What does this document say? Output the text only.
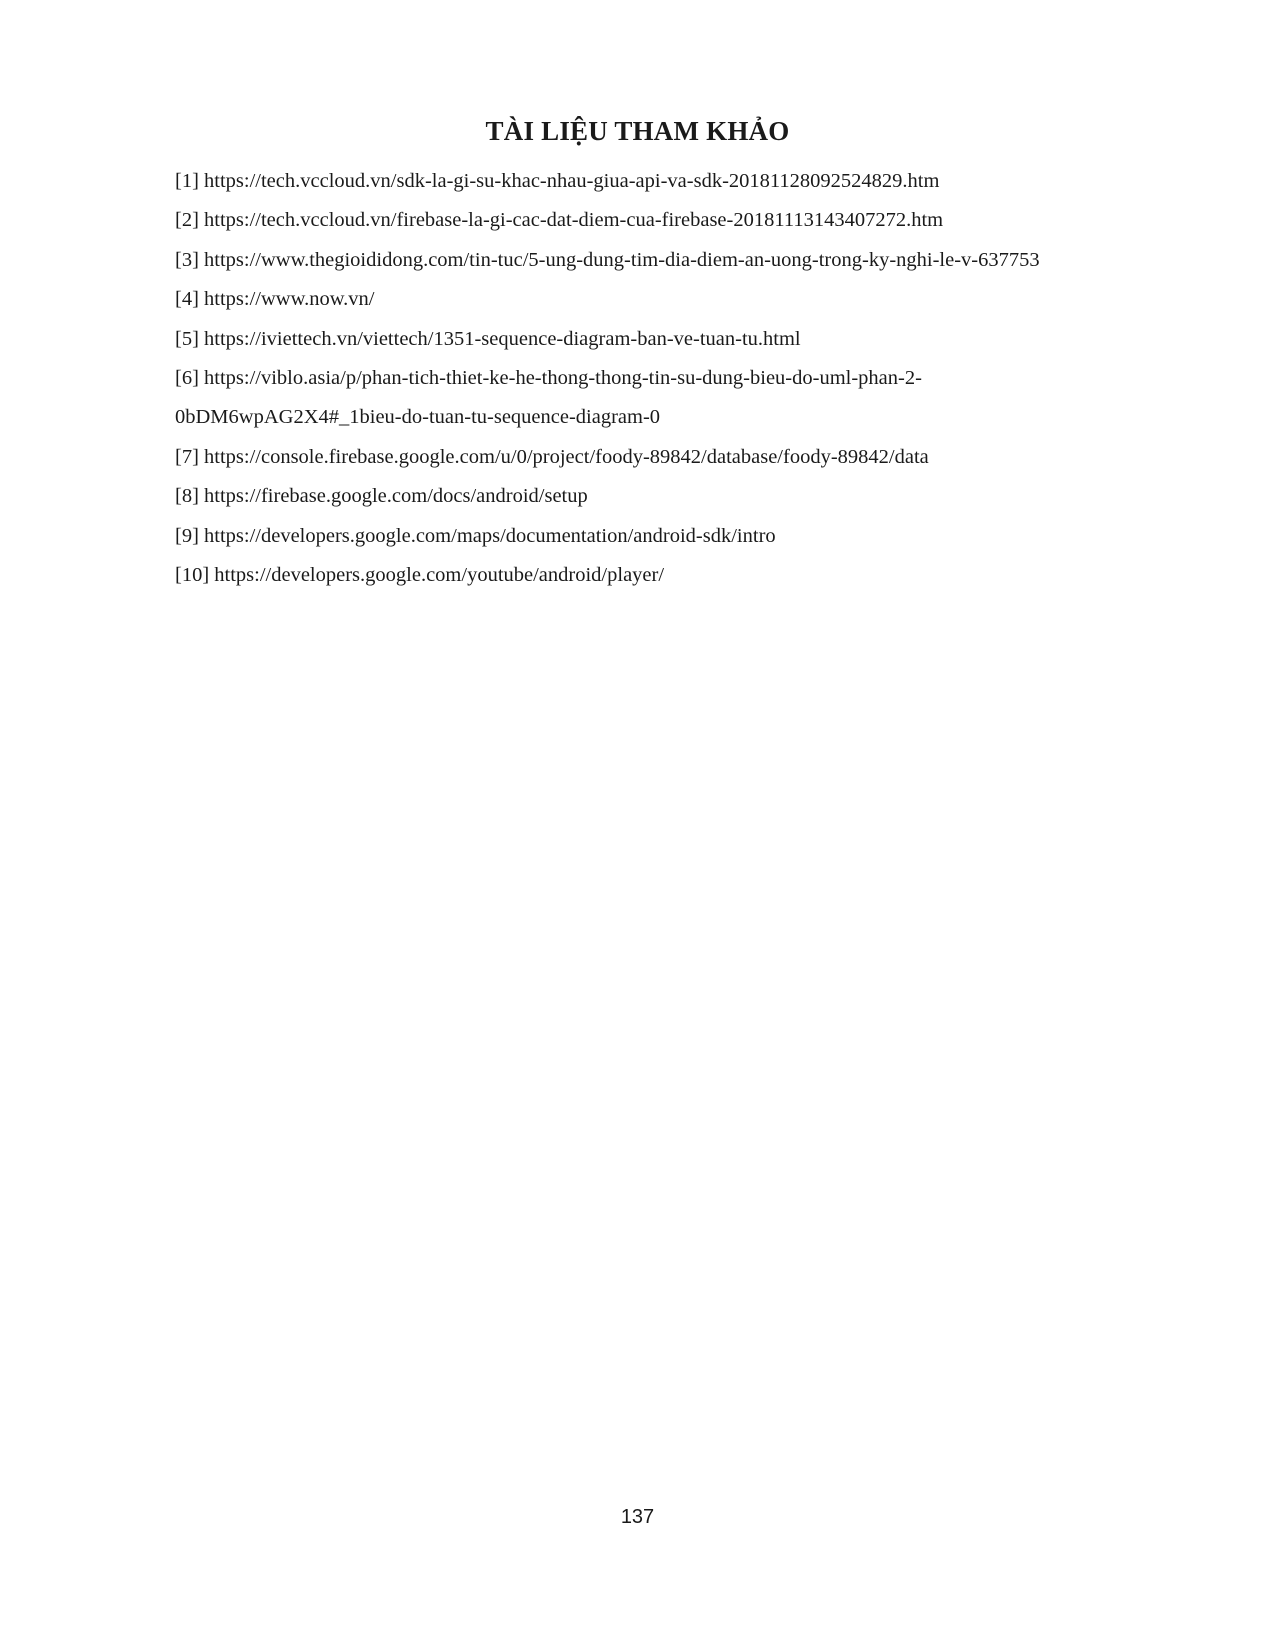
TÀI LIỆU THAM KHẢO
[1] https://tech.vccloud.vn/sdk-la-gi-su-khac-nhau-giua-api-va-sdk-20181128092524829.htm
[2] https://tech.vccloud.vn/firebase-la-gi-cac-dat-diem-cua-firebase-20181113143407272.htm
[3] https://www.thegioididong.com/tin-tuc/5-ung-dung-tim-dia-diem-an-uong-trong-ky-nghi-le-v-637753
[4] https://www.now.vn/
[5] https://iviettech.vn/viettech/1351-sequence-diagram-ban-ve-tuan-tu.html
[6] https://viblo.asia/p/phan-tich-thiet-ke-he-thong-thong-tin-su-dung-bieu-do-uml-phan-2-
0bDM6wpAG2X4#_1bieu-do-tuan-tu-sequence-diagram-0
[7] https://console.firebase.google.com/u/0/project/foody-89842/database/foody-89842/data
[8] https://firebase.google.com/docs/android/setup
[9] https://developers.google.com/maps/documentation/android-sdk/intro
[10] https://developers.google.com/youtube/android/player/
137
